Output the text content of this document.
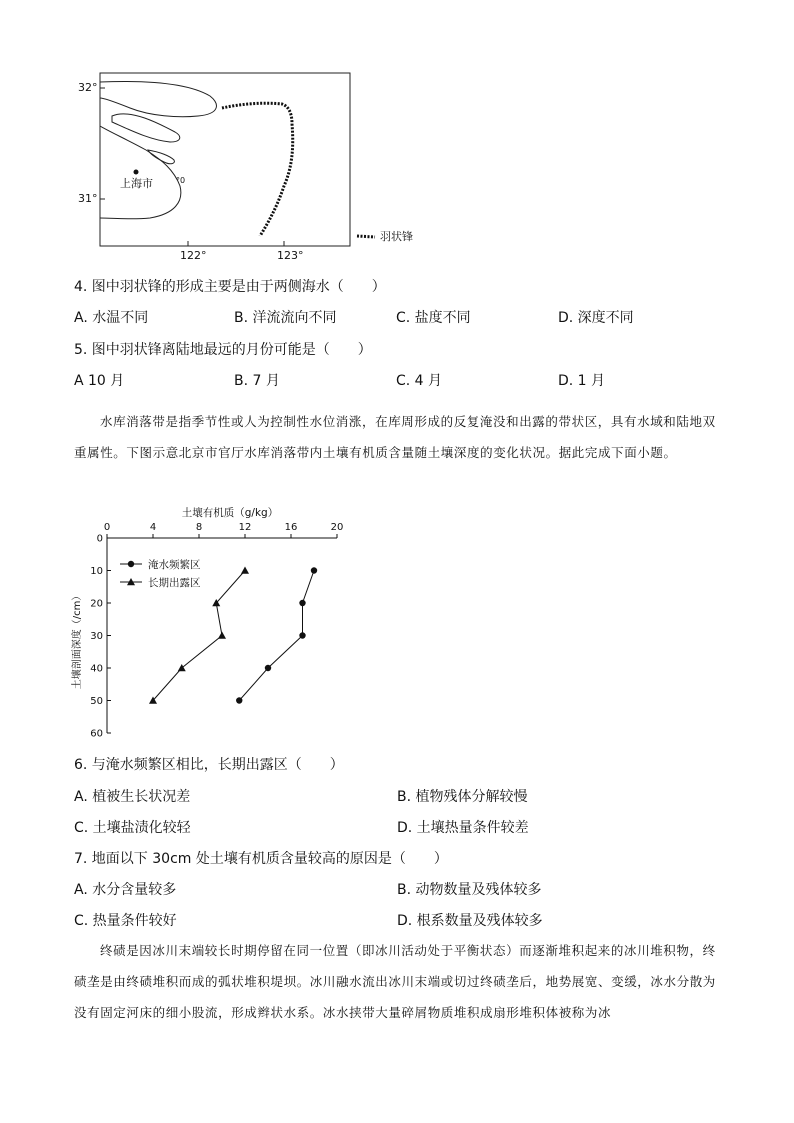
上海市	°0
32°
31°
122°	123°
羽状锋
4. 图中羽状锋的形成主要是由于两侧海水（　　）
A. 水温不同	B. 洋流流向不同	C. 盐度不同	D. 深度不同
5. 图中羽状锋离陆地最远的月份可能是（　　）
A 10 月	B. 7 月	C. 4 月	D. 1 月
水库消落带是指季节性或人为控制性水位消涨，在库周形成的反复淹没和出露的带状区，具有水域和陆地双重属性。下图示意北京市官厅水库消落带内土壤有机质含量随土壤深度的变化状况。据此完成下面小题。
土壤有机质（g/kg）
0	4	8	12	16	20
0
10
20
30
40
50
60
淹水频繁区
长期出露区
土壤剖面深度（/cm）
6. 与淹水频繁区相比，长期出露区（　　）
A. 植被生长状况差	B. 植物残体分解较慢
C. 土壤盐渍化较轻	D. 土壤热量条件较差
7. 地面以下 30cm 处土壤有机质含量较高的原因是（　　）
A. 水分含量较多	B. 动物数量及残体较多
C. 热量条件较好	D. 根系数量及残体较多
终碛是因冰川末端较长时期停留在同一位置（即冰川活动处于平衡状态）而逐渐堆积起来的冰川堆积物，终碛垄是由终碛堆积而成的弧状堆积堤坝。冰川融水流出冰川末端或切过终碛垄后，地势展宽、变缓，冰水分散为没有固定河床的细小股流，形成辫状水系。冰水挟带大量碎屑物质堆积成扇形堆积体被称为冰
